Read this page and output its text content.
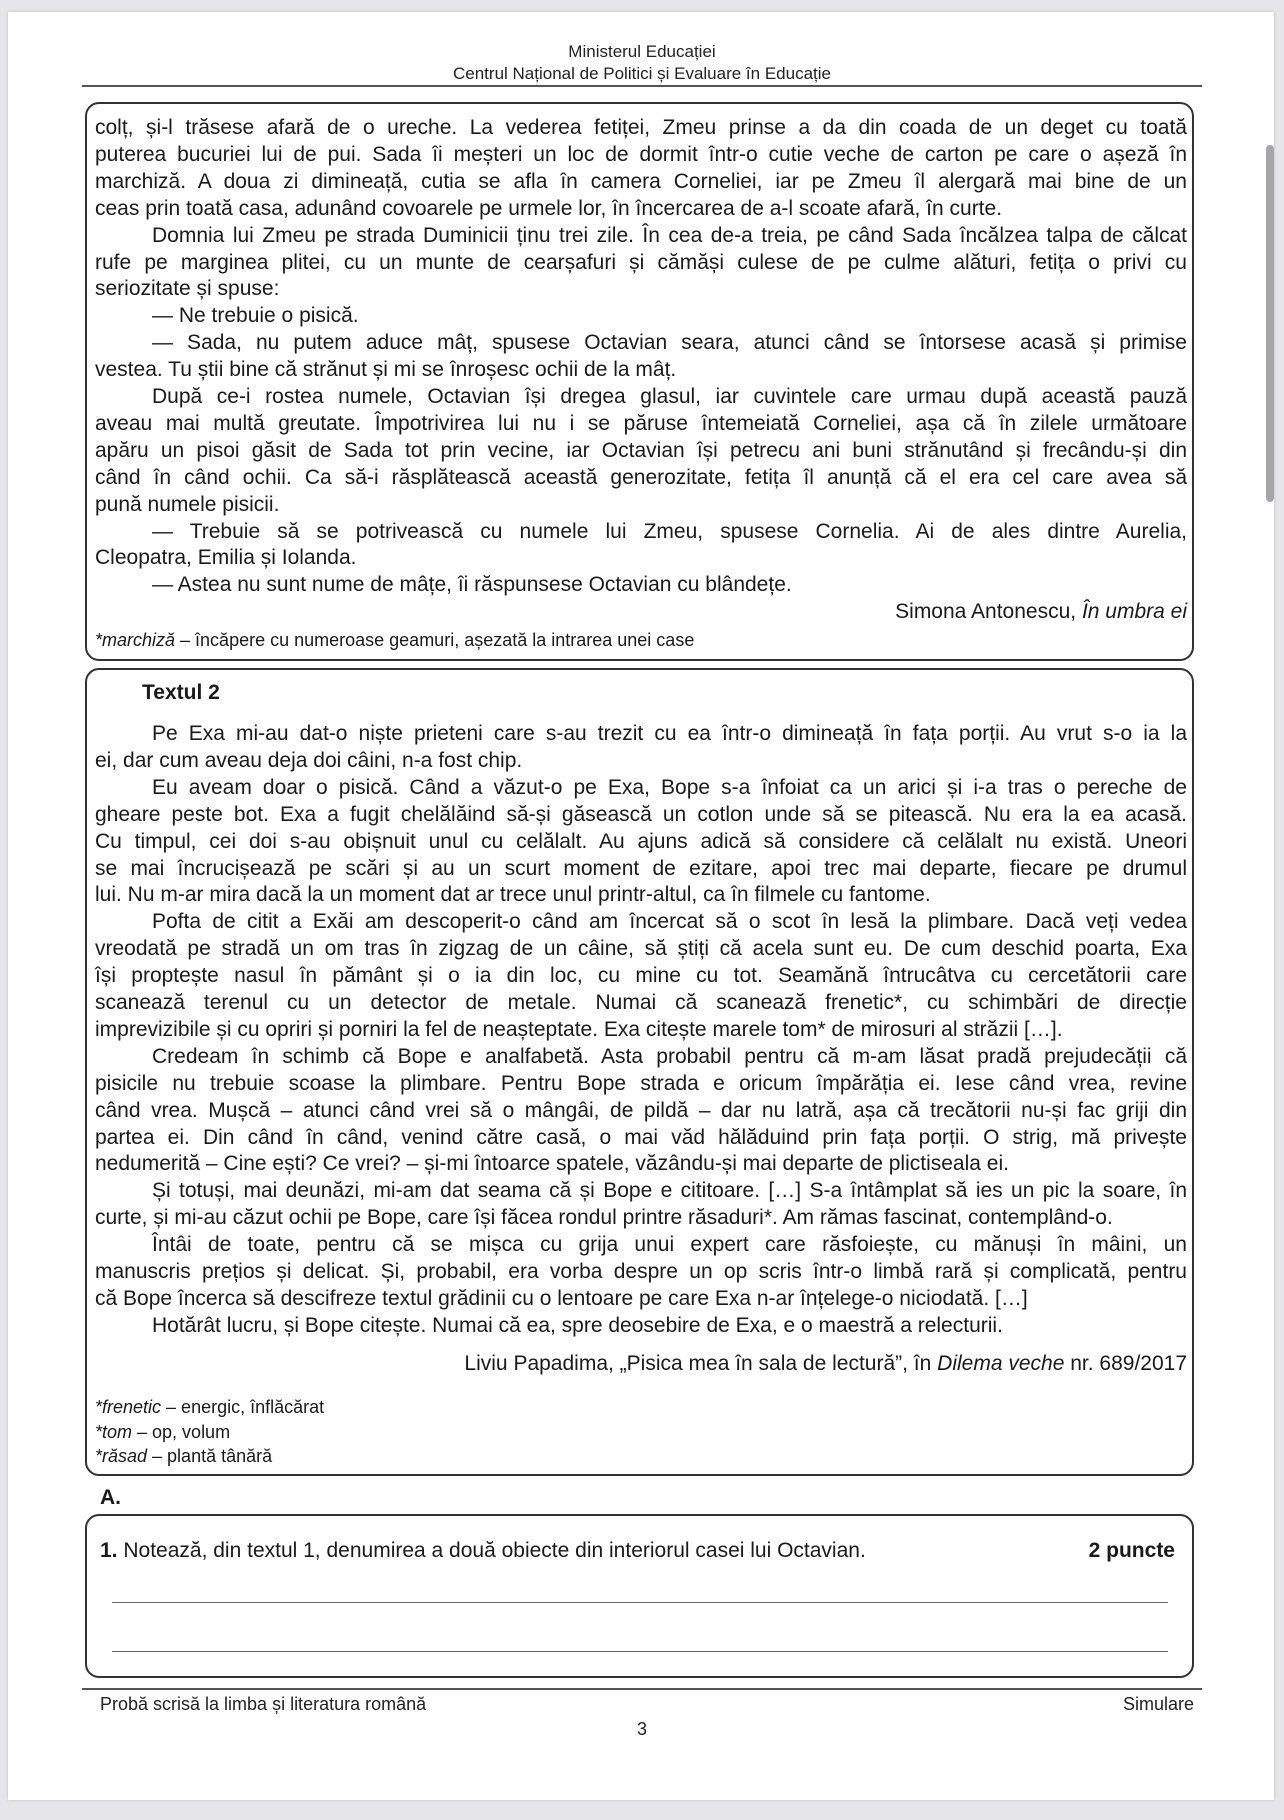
Ministerul Educației
Centrul Național de Politici și Evaluare în Educație
colț, și-l trăsese afară de o ureche. La vederea fetiței, Zmeu prinse a da din coada de un deget cu toată
puterea bucuriei lui de pui. Sada îi meșteri un loc de dormit într-o cutie veche de carton pe care o așeză în
marchiză. A doua zi dimineață, cutia se afla în camera Corneliei, iar pe Zmeu îl alergară mai bine de un
ceas prin toată casa, adunând covoarele pe urmele lor, în încercarea de a-l scoate afară, în curte.
Domnia lui Zmeu pe strada Duminicii ținu trei zile. În cea de-a treia, pe când Sada încălzea talpa de călcat
rufe pe marginea plitei, cu un munte de cearșafuri și cămăși culese de pe culme alături, fetița o privi cu
seriozitate și spuse:
— Ne trebuie o pisică.
— Sada, nu putem aduce mâț, spusese Octavian seara, atunci când se întorsese acasă și primise
vestea. Tu știi bine că strănut și mi se înroșesc ochii de la mâț.
După ce-i rostea numele, Octavian își dregea glasul, iar cuvintele care urmau după această pauză
aveau mai multă greutate. Împotrivirea lui nu i se păruse întemeiată Corneliei, așa că în zilele următoare
apăru un pisoi găsit de Sada tot prin vecine, iar Octavian își petrecu ani buni strănutând și frecându-și din
când în când ochii. Ca să-i răsplătească această generozitate, fetița îl anunță că el era cel care avea să
pună numele pisicii.
— Trebuie să se potrivească cu numele lui Zmeu, spusese Cornelia. Ai de ales dintre Aurelia,
Cleopatra, Emilia și Iolanda.
— Astea nu sunt nume de mâțe, îi răspunsese Octavian cu blândețe.
Simona Antonescu, În umbra ei
*marchiză – încăpere cu numeroase geamuri, așezată la intrarea unei case
Textul 2
Pe Exa mi-au dat-o niște prieteni care s-au trezit cu ea într-o dimineață în fața porții. Au vrut s-o ia la
ei, dar cum aveau deja doi câini, n-a fost chip.
Eu aveam doar o pisică. Când a văzut-o pe Exa, Bope s-a înfoiat ca un arici și i-a tras o pereche de
gheare peste bot. Exa a fugit chelălăind să-și găsească un cotlon unde să se pitească. Nu era la ea acasă.
Cu timpul, cei doi s-au obișnuit unul cu celălalt. Au ajuns adică să considere că celălalt nu există. Uneori
se mai încrucișează pe scări și au un scurt moment de ezitare, apoi trec mai departe, fiecare pe drumul
lui. Nu m-ar mira dacă la un moment dat ar trece unul printr-altul, ca în filmele cu fantome.
Pofta de citit a Exăi am descoperit-o când am încercat să o scot în lesă la plimbare. Dacă veți vedea
vreodată pe stradă un om tras în zigzag de un câine, să știți că acela sunt eu. De cum deschid poarta, Exa
își proptește nasul în pământ și o ia din loc, cu mine cu tot. Seamănă întrucâtva cu cercetătorii care
scanează terenul cu un detector de metale. Numai că scanează frenetic*, cu schimbări de direcție
imprevizibile și cu opriri și porniri la fel de neașteptate. Exa citește marele tom* de mirosuri al străzii […].
Credeam în schimb că Bope e analfabetă. Asta probabil pentru că m-am lăsat pradă prejudecății că
pisicile nu trebuie scoase la plimbare. Pentru Bope strada e oricum împărăția ei. Iese când vrea, revine
când vrea. Mușcă – atunci când vrei să o mângâi, de pildă – dar nu latră, așa că trecătorii nu-și fac griji din
partea ei. Din când în când, venind către casă, o mai văd hălăduind prin fața porții. O strig, mă privește
nedumerită – Cine ești? Ce vrei? – și-mi întoarce spatele, văzându-și mai departe de plictiseala ei.
Și totuși, mai deunăzi, mi-am dat seama că și Bope e cititoare. […] S-a întâmplat să ies un pic la soare, în
curte, și mi-au căzut ochii pe Bope, care își făcea rondul printre răsaduri*. Am rămas fascinat, contemplând-o.
Întâi de toate, pentru că se mișca cu grija unui expert care răsfoiește, cu mănuși în mâini, un
manuscris prețios și delicat. Și, probabil, era vorba despre un op scris într-o limbă rară și complicată, pentru
că Bope încerca să descifreze textul grădinii cu o lentoare pe care Exa n-ar înțelege-o niciodată. […]
Hotărât lucru, și Bope citește. Numai că ea, spre deosebire de Exa, e o maestră a relecturii.
Liviu Papadima, „Pisica mea în sala de lectură”, în Dilema veche nr. 689/2017
*frenetic – energic, înflăcărat
*tom – op, volum
*răsad – plantă tânără
A.
1. Notează, din textul 1, denumirea a două obiecte din interiorul casei lui Octavian.	2 puncte
Probă scrisă la limba și literatura română	Simulare
3
